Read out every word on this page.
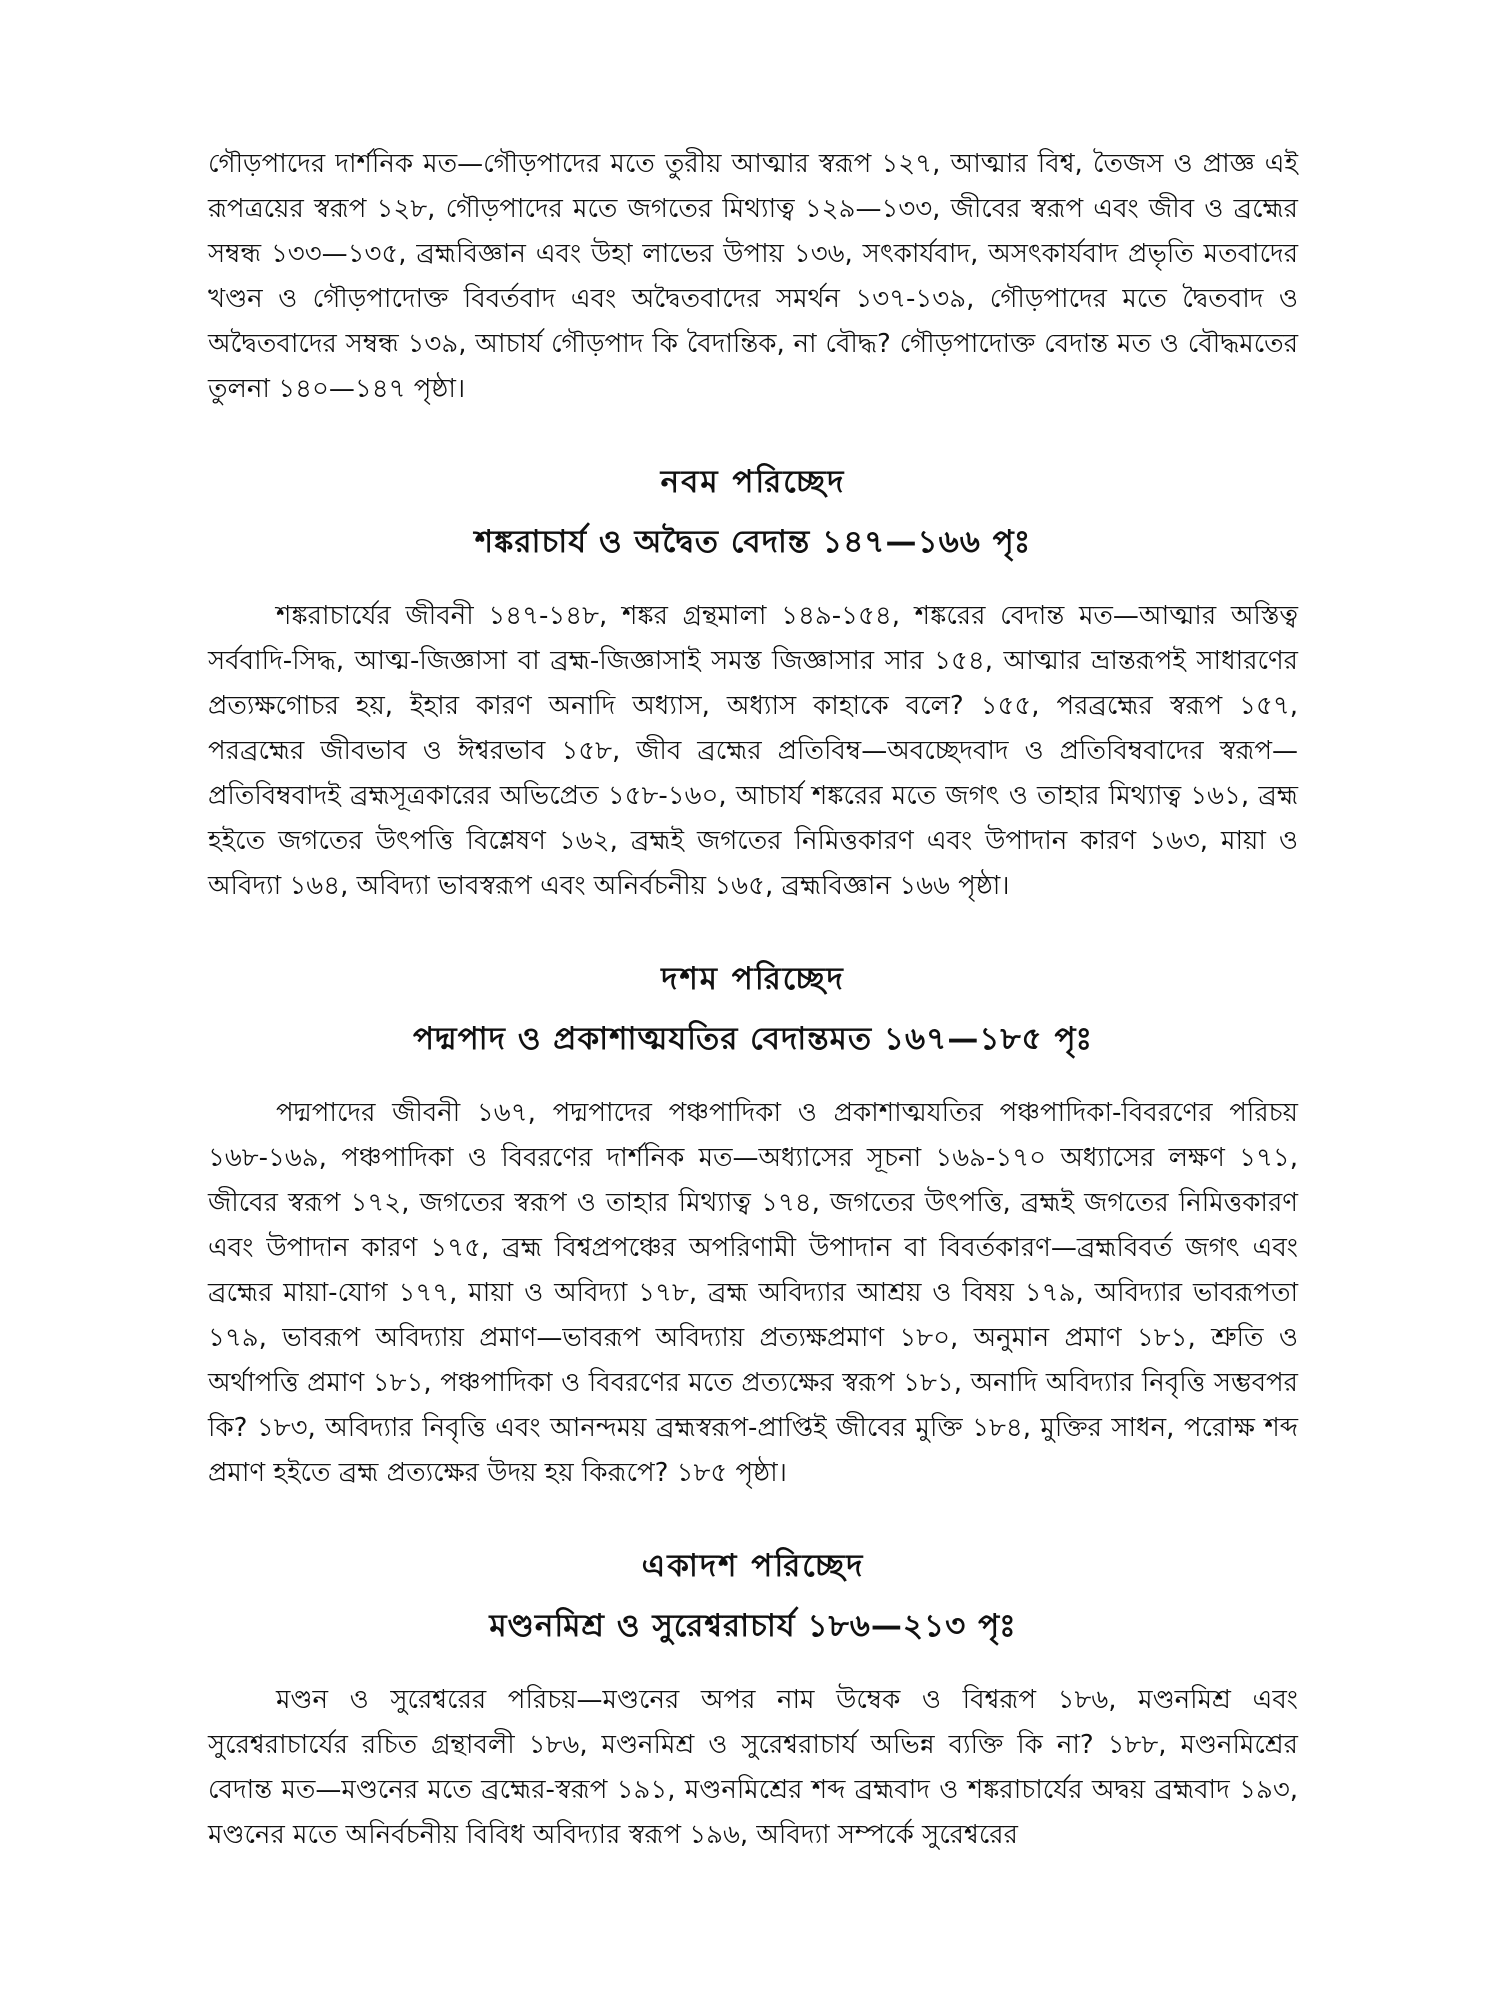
গৌড়পাদের দার্শনিক মত—গৌড়পাদের মতে তুরীয় আত্মার স্বরূপ ১২৭, আত্মার বিশ্ব, তৈজস ও প্রাজ্ঞ এই রূপত্রয়ের স্বরূপ ১২৮, গৌড়পাদের মতে জগতের মিথ্যাত্ব ১২৯—১৩৩, জীবের স্বরূপ এবং জীব ও ব্রহ্মের সম্বন্ধ ১৩৩—১৩৫, ব্রহ্মবিজ্ঞান এবং উহা লাভের উপায় ১৩৬, সৎকার্যবাদ, অসৎকার্যবাদ প্রভৃতি মতবাদের খণ্ডন ও গৌড়পাদোক্ত বিবর্তবাদ এবং অদ্বৈতবাদের সমর্থন ১৩৭-১৩৯, গৌড়পাদের মতে দ্বৈতবাদ ও অদ্বৈতবাদের সম্বন্ধ ১৩৯, আচার্য গৌড়পাদ কি বৈদান্তিক, না বৌদ্ধ? গৌড়পাদোক্ত বেদান্ত মত ও বৌদ্ধমতের তুলনা ১৪০—১৪৭ পৃষ্ঠা।

নবম পরিচ্ছেদ
শঙ্করাচার্য ও অদ্বৈত বেদান্ত ১৪৭—১৬৬ পৃঃ

শঙ্করাচার্যের জীবনী ১৪৭-১৪৮, শঙ্কর গ্রন্থমালা ১৪৯-১৫৪, শঙ্করের বেদান্ত মত—আত্মার অস্তিত্ব সর্ববাদি-সিদ্ধ, আত্ম-জিজ্ঞাসা বা ব্রহ্ম-জিজ্ঞাসাই সমস্ত জিজ্ঞাসার সার ১৫৪, আত্মার ভ্রান্তরূপই সাধারণের প্রত্যক্ষগোচর হয়, ইহার কারণ অনাদি অধ্যাস, অধ্যাস কাহাকে বলে? ১৫৫, পরব্রহ্মের স্বরূপ ১৫৭, পরব্রহ্মের জীবভাব ও ঈশ্বরভাব ১৫৮, জীব ব্রহ্মের প্রতিবিম্ব—অবচ্ছেদবাদ ও প্রতিবিম্ববাদের স্বরূপ—প্রতিবিম্ববাদই ব্রহ্মসূত্রকারের অভিপ্রেত ১৫৮-১৬০, আচার্য শঙ্করের মতে জগৎ ও তাহার মিথ্যাত্ব ১৬১, ব্রহ্ম হইতে জগতের উৎপত্তি বিশ্লেষণ ১৬২, ব্রহ্মই জগতের নিমিত্তকারণ এবং উপাদান কারণ ১৬৩, মায়া ও অবিদ্যা ১৬৪, অবিদ্যা ভাবস্বরূপ এবং অনির্বচনীয় ১৬৫, ব্রহ্মবিজ্ঞান ১৬৬ পৃষ্ঠা।

দশম পরিচ্ছেদ
পদ্মপাদ ও প্রকাশাত্মযতির বেদান্তমত ১৬৭—১৮৫ পৃঃ

পদ্মপাদের জীবনী ১৬৭, পদ্মপাদের পঞ্চপাদিকা ও প্রকাশাত্মযতির পঞ্চপাদিকা-বিবরণের পরিচয় ১৬৮-১৬৯, পঞ্চপাদিকা ও বিবরণের দার্শনিক মত—অধ্যাসের সূচনা ১৬৯-১৭০ অধ্যাসের লক্ষণ ১৭১, জীবের স্বরূপ ১৭২, জগতের স্বরূপ ও তাহার মিথ্যাত্ব ১৭৪, জগতের উৎপত্তি, ব্রহ্মই জগতের নিমিত্তকারণ এবং উপাদান কারণ ১৭৫, ব্রহ্ম বিশ্বপ্রপঞ্চের অপরিণামী উপাদান বা বিবর্তকারণ—ব্রহ্মবিবর্ত জগৎ এবং ব্রহ্মের মায়া-যোগ ১৭৭, মায়া ও অবিদ্যা ১৭৮, ব্রহ্ম অবিদ্যার আশ্রয় ও বিষয় ১৭৯, অবিদ্যার ভাবরূপতা ১৭৯, ভাবরূপ অবিদ্যায় প্রমাণ—ভাবরূপ অবিদ্যায় প্রত্যক্ষপ্রমাণ ১৮০, অনুমান প্রমাণ ১৮১, শ্রুতি ও অর্থাপত্তি প্রমাণ ১৮১, পঞ্চপাদিকা ও বিবরণের মতে প্রত্যক্ষের স্বরূপ ১৮১, অনাদি অবিদ্যার নিবৃত্তি সম্ভবপর কি? ১৮৩, অবিদ্যার নিবৃত্তি এবং আনন্দময় ব্রহ্মস্বরূপ-প্রাপ্তিই জীবের মুক্তি ১৮৪, মুক্তির সাধন, পরোক্ষ শব্দ প্রমাণ হইতে ব্রহ্ম প্রত্যক্ষের উদয় হয় কিরূপে? ১৮৫ পৃষ্ঠা।

একাদশ পরিচ্ছেদ
মণ্ডনমিশ্র ও সুরেশ্বরাচার্য ১৮৬—২১৩ পৃঃ

মণ্ডন ও সুরেশ্বরের পরিচয়—মণ্ডনের অপর নাম উম্বেক ও বিশ্বরূপ ১৮৬, মণ্ডনমিশ্র এবং সুরেশ্বরাচার্যের রচিত গ্রন্থাবলী ১৮৬, মণ্ডনমিশ্র ও সুরেশ্বরাচার্য অভিন্ন ব্যক্তি কি না? ১৮৮, মণ্ডনমিশ্রের বেদান্ত মত—মণ্ডনের মতে ব্রহ্মের-স্বরূপ ১৯১, মণ্ডনমিশ্রের শব্দ ব্রহ্মবাদ ও শঙ্করাচার্যের অদ্বয় ব্রহ্মবাদ ১৯৩, মণ্ডনের মতে অনির্বচনীয় বিবিধ অবিদ্যার স্বরূপ ১৯৬, অবিদ্যা সম্পর্কে সুরেশ্বরের
